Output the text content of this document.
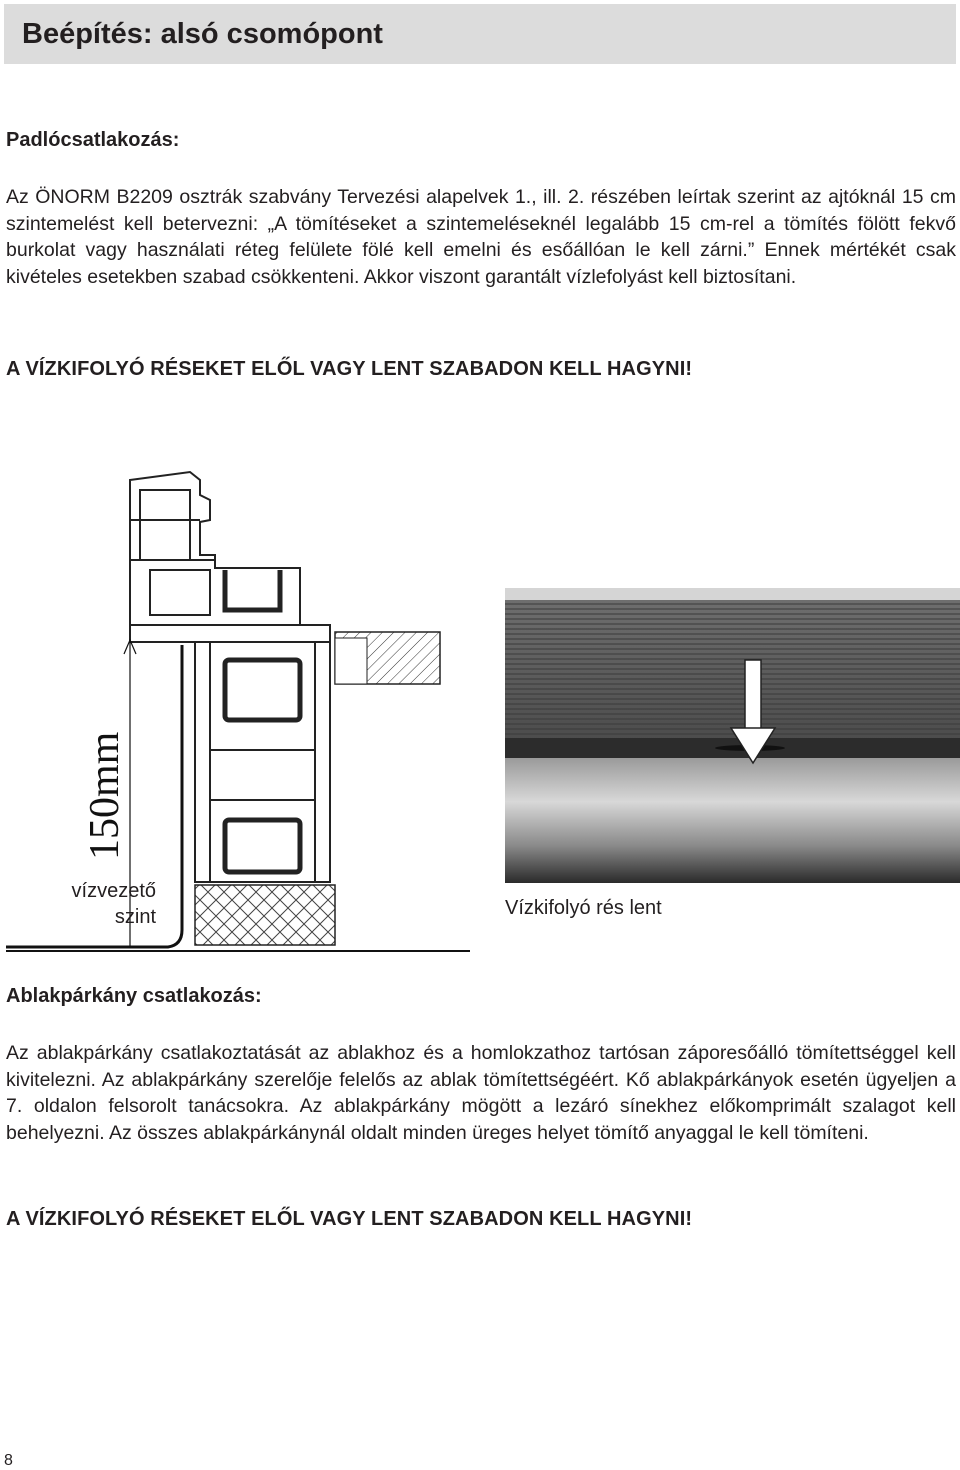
Beépítés: alsó csomópont
Padlócsatlakozás:

Az ÖNORM B2209 osztrák szabvány Tervezési alapelvek 1., ill. 2. részében leírtak szerint az ajtóknál 15 cm szintemelést kell betervezni: „A tömítéseket a szintemeléseknél legalább 15 cm-rel a tömítés fölött fekvő burkolat vagy használati réteg felülete fölé kell emelni és esőállóan le kell zárni.” Ennek mértékét csak kivételes esetekben szabad csökkenteni. Akkor viszont garantált vízlefolyást kell biztosítani.

A VÍZKIFOLYÓ RÉSEKET ELŐL VAGY LENT SZABADON KELL HAGYNI!
150mm
vízvezető
szint	Vízkifolyó rés lent
Ablakpárkány csatlakozás:

Az ablakpárkány csatlakoztatását az ablakhoz és a homlokzathoz tartósan záporesőálló tömítettséggel kell kivitelezni. Az ablakpárkány szerelője felelős az ablak tömítettségéért. Kő ablakpárkányok esetén ügyeljen a 7. oldalon felsorolt tanácsokra. Az ablakpárkány mögött a lezáró sínekhez előkomprimált szalagot kell behelyezni. Az összes ablakpárkánynál oldalt minden üreges helyet tömítő anyaggal le kell tömíteni.

A VÍZKIFOLYÓ RÉSEKET ELŐL VAGY LENT SZABADON KELL HAGYNI!
8
